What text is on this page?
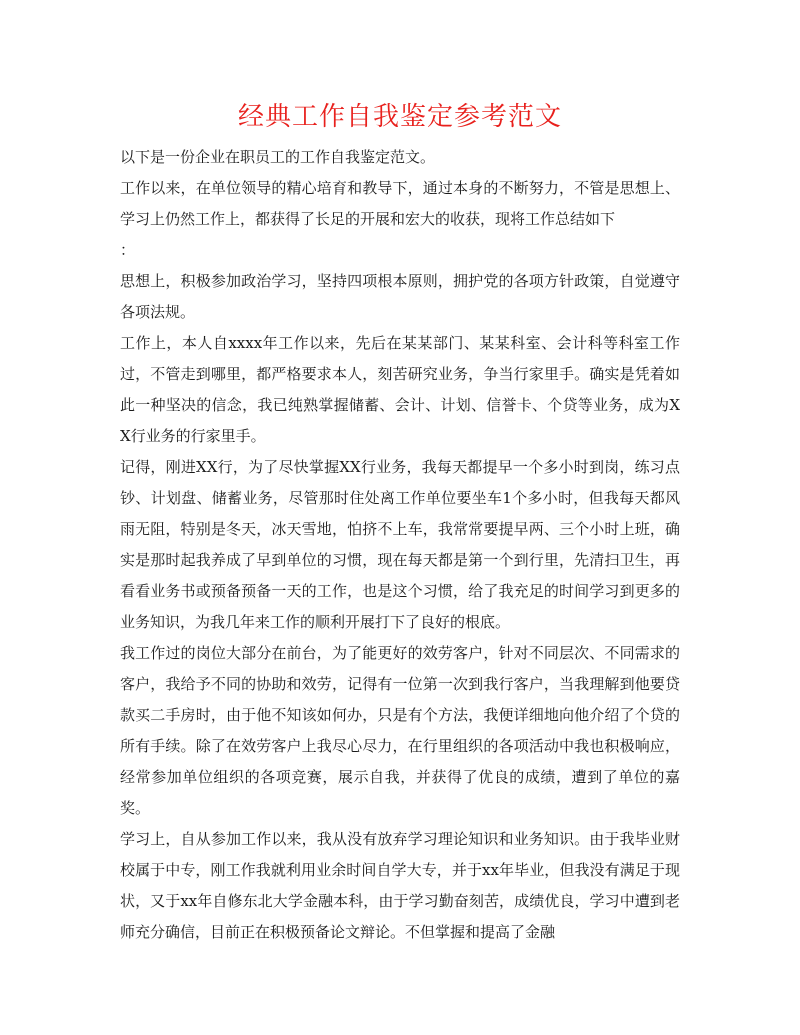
经典工作自我鉴定参考范文

以下是一份企业在职员工的工作自我鉴定范文。

工作以来，在单位领导的精心培育和教导下，通过本身的不断努力，不管是思想上、学习上仍然工作上，都获得了长足的开展和宏大的收获，现将工作总结如下

：

思想上，积极参加政治学习，坚持四项根本原则，拥护党的各项方针政策，自觉遵守各项法规。

工作上，本人自xxxx年工作以来，先后在某某部门、某某科室、会计科等科室工作过，不管走到哪里，都严格要求本人，刻苦研究业务，争当行家里手。确实是凭着如此一种坚决的信念，我已纯熟掌握储蓄、会计、计划、信誉卡、个贷等业务，成为XX行业务的行家里手。

记得，刚进XX行，为了尽快掌握XX行业务，我每天都提早一个多小时到岗，练习点钞、计划盘、储蓄业务，尽管那时住处离工作单位要坐车1个多小时，但我每天都风雨无阻，特别是冬天，冰天雪地，怕挤不上车，我常常要提早两、三个小时上班，确实是那时起我养成了早到单位的习惯，现在每天都是第一个到行里，先清扫卫生，再看看业务书或预备预备一天的工作，也是这个习惯，给了我充足的时间学习到更多的业务知识，为我几年来工作的顺利开展打下了良好的根底。

我工作过的岗位大部分在前台，为了能更好的效劳客户，针对不同层次、不同需求的客户，我给予不同的协助和效劳，记得有一位第一次到我行客户，当我理解到他要贷款买二手房时，由于他不知该如何办，只是有个方法，我便详细地向他介绍了个贷的所有手续。除了在效劳客户上我尽心尽力，在行里组织的各项活动中我也积极响应，经常参加单位组织的各项竞赛，展示自我，并获得了优良的成绩，遭到了单位的嘉奖。

学习上，自从参加工作以来，我从没有放弃学习理论知识和业务知识。由于我毕业财校属于中专，刚工作我就利用业余时间自学大专，并于xx年毕业，但我没有满足于现状，又于xx年自修东北大学金融本科，由于学习勤奋刻苦，成绩优良，学习中遭到老师充分确信，目前正在积极预备论文辩论。不但掌握和提高了金融
